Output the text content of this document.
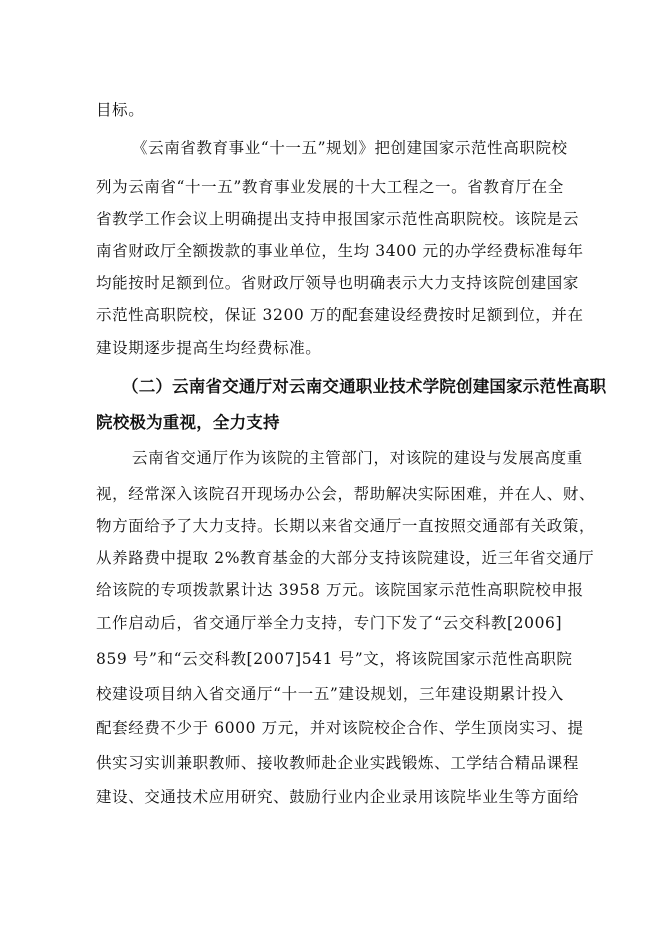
目标。
《云南省教育事业“十一五”规划》把创建国家示范性高职院校
列为云南省“十一五”教育事业发展的十大工程之一。省教育厅在全
省教学工作会议上明确提出支持申报国家示范性高职院校。该院是云
南省财政厅全额拨款的事业单位，生均 3400 元的办学经费标准每年
均能按时足额到位。省财政厅领导也明确表示大力支持该院创建国家
示范性高职院校，保证 3200 万的配套建设经费按时足额到位，并在
建设期逐步提高生均经费标准。
（二）云南省交通厅对云南交通职业技术学院创建国家示范性高职
院校极为重视，全力支持
云南省交通厅作为该院的主管部门，对该院的建设与发展高度重
视，经常深入该院召开现场办公会，帮助解决实际困难，并在人、财、
物方面给予了大力支持。长期以来省交通厅一直按照交通部有关政策，
从养路费中提取 2%教育基金的大部分支持该院建设，近三年省交通厅
给该院的专项拨款累计达 3958 万元。该院国家示范性高职院校申报
工作启动后，省交通厅举全力支持，专门下发了“云交科教[2006]
859 号”和“云交科教[2007]541 号”文，将该院国家示范性高职院
校建设项目纳入省交通厅“十一五”建设规划，三年建设期累计投入
配套经费不少于 6000 万元，并对该院校企合作、学生顶岗实习、提
供实习实训兼职教师、接收教师赴企业实践锻炼、工学结合精品课程
建设、交通技术应用研究、鼓励行业内企业录用该院毕业生等方面给
